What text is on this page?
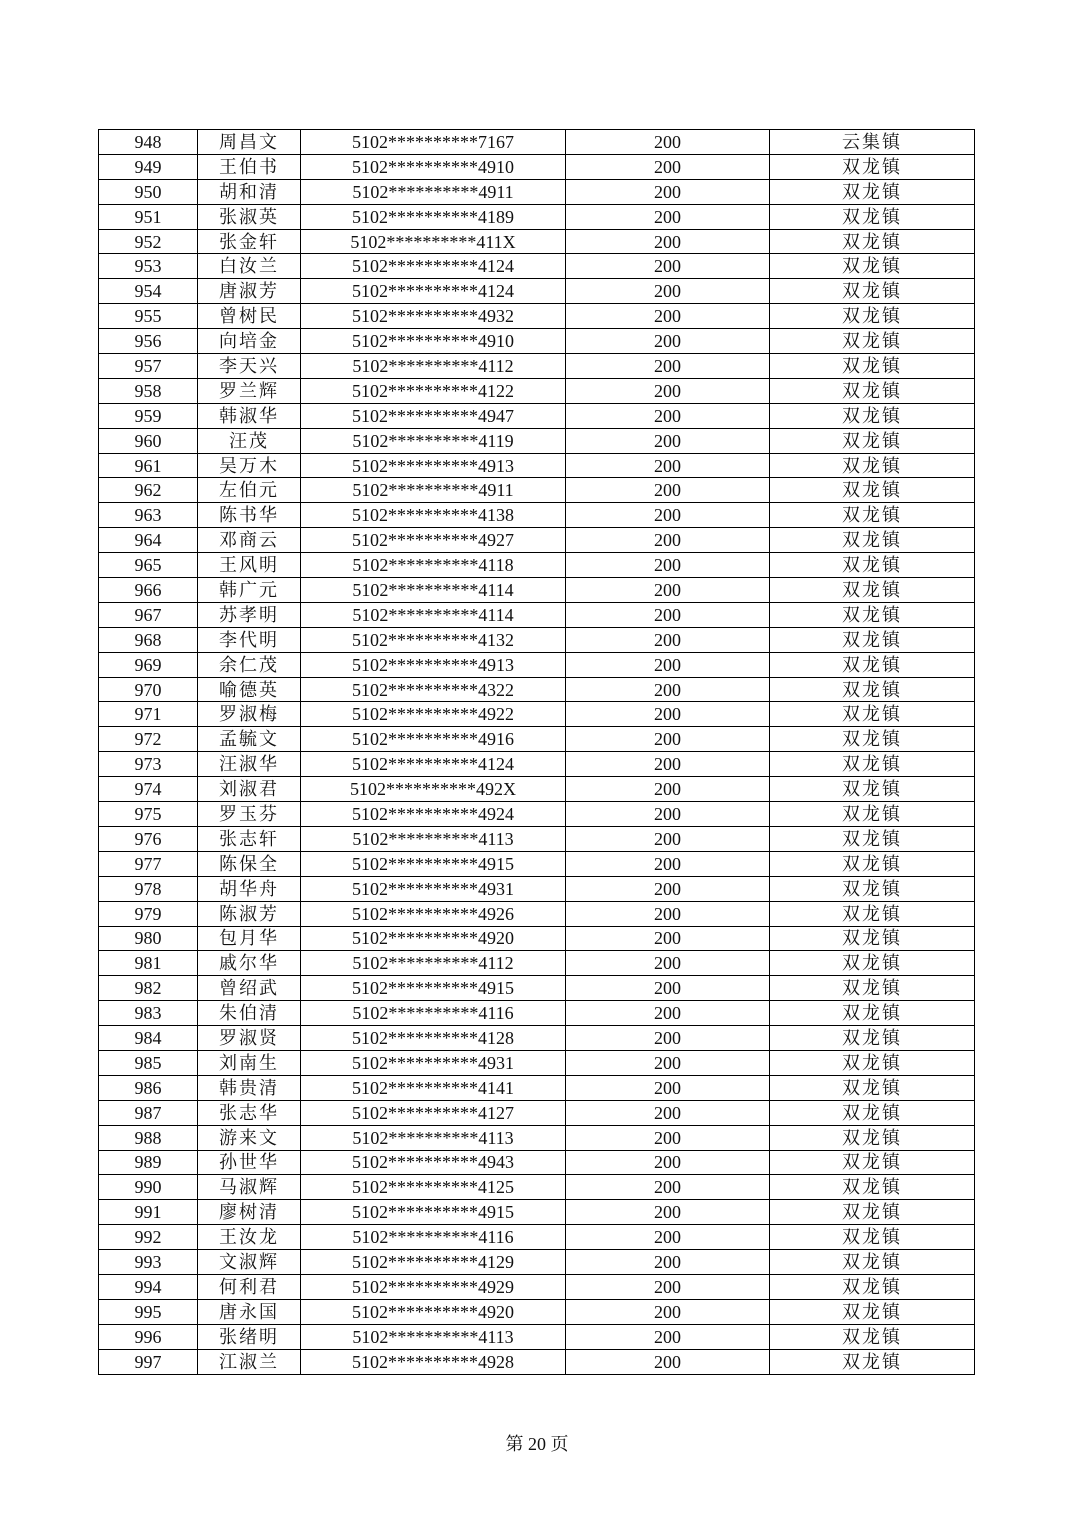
948	周昌文	5102**********7167	200	云集镇
949	王伯书	5102**********4910	200	双龙镇
950	胡和清	5102**********4911	200	双龙镇
951	张淑英	5102**********4189	200	双龙镇
952	张金轩	5102**********411X	200	双龙镇
953	白汝兰	5102**********4124	200	双龙镇
954	唐淑芳	5102**********4124	200	双龙镇
955	曾树民	5102**********4932	200	双龙镇
956	向培金	5102**********4910	200	双龙镇
957	李天兴	5102**********4112	200	双龙镇
958	罗兰辉	5102**********4122	200	双龙镇
959	韩淑华	5102**********4947	200	双龙镇
960	汪茂	5102**********4119	200	双龙镇
961	吴万木	5102**********4913	200	双龙镇
962	左伯元	5102**********4911	200	双龙镇
963	陈书华	5102**********4138	200	双龙镇
964	邓商云	5102**********4927	200	双龙镇
965	王风明	5102**********4118	200	双龙镇
966	韩广元	5102**********4114	200	双龙镇
967	苏孝明	5102**********4114	200	双龙镇
968	李代明	5102**********4132	200	双龙镇
969	余仁茂	5102**********4913	200	双龙镇
970	喻德英	5102**********4322	200	双龙镇
971	罗淑梅	5102**********4922	200	双龙镇
972	孟毓文	5102**********4916	200	双龙镇
973	汪淑华	5102**********4124	200	双龙镇
974	刘淑君	5102**********492X	200	双龙镇
975	罗玉芬	5102**********4924	200	双龙镇
976	张志轩	5102**********4113	200	双龙镇
977	陈保全	5102**********4915	200	双龙镇
978	胡华舟	5102**********4931	200	双龙镇
979	陈淑芳	5102**********4926	200	双龙镇
980	包月华	5102**********4920	200	双龙镇
981	戚尔华	5102**********4112	200	双龙镇
982	曾绍武	5102**********4915	200	双龙镇
983	朱伯清	5102**********4116	200	双龙镇
984	罗淑贤	5102**********4128	200	双龙镇
985	刘南生	5102**********4931	200	双龙镇
986	韩贵清	5102**********4141	200	双龙镇
987	张志华	5102**********4127	200	双龙镇
988	游来文	5102**********4113	200	双龙镇
989	孙世华	5102**********4943	200	双龙镇
990	马淑辉	5102**********4125	200	双龙镇
991	廖树清	5102**********4915	200	双龙镇
992	王汝龙	5102**********4116	200	双龙镇
993	文淑辉	5102**********4129	200	双龙镇
994	何利君	5102**********4929	200	双龙镇
995	唐永国	5102**********4920	200	双龙镇
996	张绪明	5102**********4113	200	双龙镇
997	江淑兰	5102**********4928	200	双龙镇
第 20 页
